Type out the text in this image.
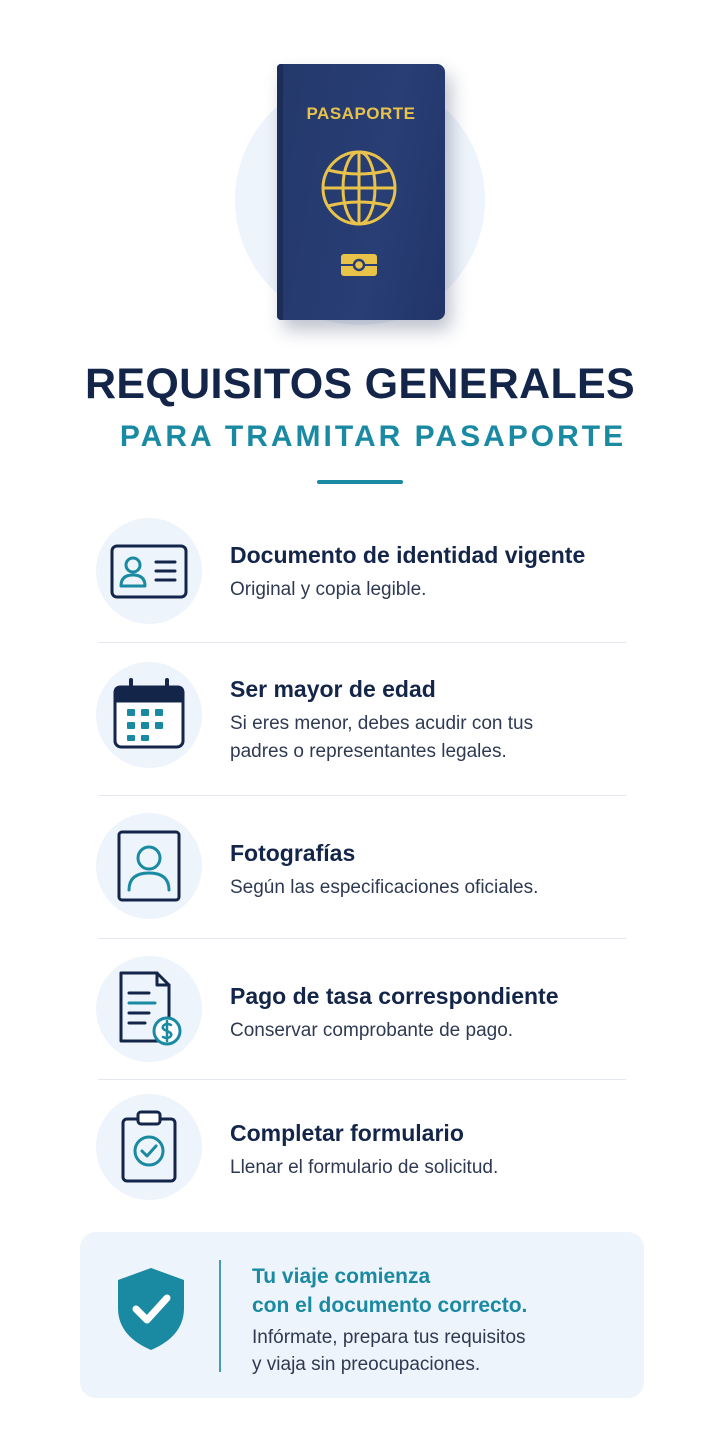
PASAPORTE
REQUISITOS GENERALES
PARA TRAMITAR PASAPORTE
Documento de identidad vigente
Original y copia legible.
Ser mayor de edad
Si eres menor, debes acudir con tus
padres o representantes legales.
Fotografías
Según las especificaciones oficiales.
Pago de tasa correspondiente
Conservar comprobante de pago.
Completar formulario
Llenar el formulario de solicitud.
Tu viaje comienza
con el documento correcto.
Infórmate, prepara tus requisitos
y viaja sin preocupaciones.
